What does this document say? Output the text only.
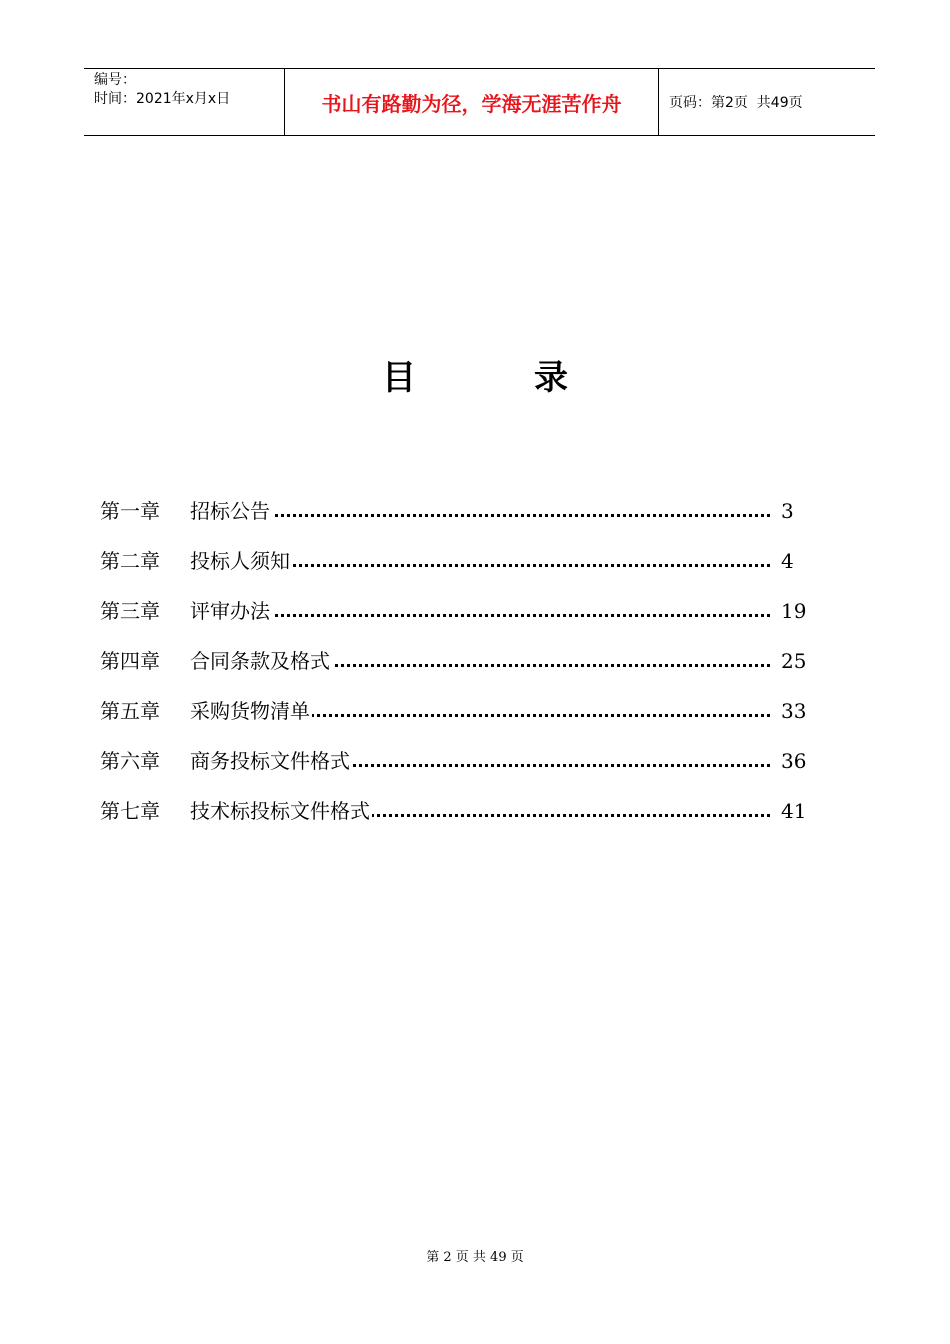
编号：
时间：2021年x月x日	书山有路勤为径，学海无涯苦作舟	页码：第2页  共49页
目	录
第一章 招标公告	3
第二章 投标人须知	4
第三章 评审办法	19
第四章 合同条款及格式	25
第五章 采购货物清单	33
第六章 商务投标文件格式	36
第七章 技术标投标文件格式	41
第 2 页 共 49 页
